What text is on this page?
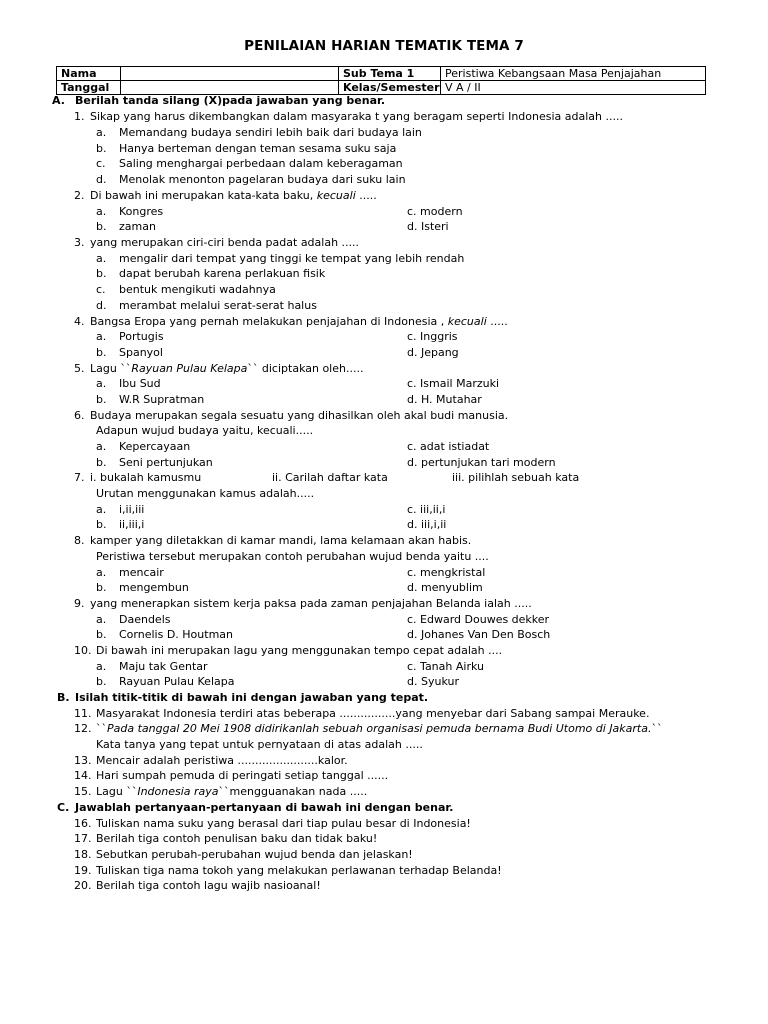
PENILAIAN HARIAN TEMATIK TEMA 7
Nama		Sub Tema 1	Peristiwa Kebangsaan Masa Penjajahan
Tanggal		Kelas/Semester	V A / II
A. Berilah tanda silang (X)pada jawaban yang benar.
1. Sikap yang harus dikembangkan dalam masyaraka t yang beragam seperti Indonesia adalah .....
a. Memandang budaya sendiri lebih baik dari budaya lain
b. Hanya berteman dengan teman sesama suku saja
c. Saling menghargai perbedaan dalam keberagaman
d. Menolak menonton pagelaran budaya dari suku lain
2. Di bawah ini merupakan kata-kata baku, kecuali .....
a. Kongres	c. modern
b. zaman	d. Isteri
3. yang merupakan ciri-ciri benda padat adalah .....
a. mengalir dari tempat yang tinggi ke tempat yang lebih rendah
b. dapat berubah karena perlakuan fisik
c. bentuk mengikuti wadahnya
d. merambat melalui serat-serat halus
4. Bangsa Eropa yang pernah melakukan penjajahan di Indonesia , kecuali .....
a. Portugis	c. Inggris
b. Spanyol	d. Jepang
5. Lagu ``Rayuan Pulau Kelapa`` diciptakan oleh.....
a. Ibu Sud	c. Ismail Marzuki
b. W.R Supratman	d. H. Mutahar
6. Budaya merupakan segala sesuatu yang dihasilkan oleh akal budi manusia.
Adapun wujud budaya yaitu, kecuali.....
a. Kepercayaan	c. adat istiadat
b. Seni pertunjukan	d. pertunjukan tari modern
7. i. bukalah kamusmu	ii. Carilah daftar kata	iii. pilihlah sebuah kata
Urutan menggunakan kamus adalah.....
a. i,ii,iii	c. iii,ii,i
b. ii,iii,i	d. iii,i,ii
8. kamper yang diletakkan di kamar mandi, lama kelamaan akan habis.
Peristiwa tersebut merupakan contoh perubahan wujud benda yaitu ....
a. mencair	c. mengkristal
b. mengembun	d. menyublim
9. yang menerapkan sistem kerja paksa pada zaman penjajahan Belanda ialah .....
a. Daendels	c. Edward Douwes dekker
b. Cornelis D. Houtman	d. Johanes Van Den Bosch
10. Di bawah ini merupakan lagu yang menggunakan tempo cepat adalah ....
a. Maju tak Gentar	c. Tanah Airku
b. Rayuan Pulau Kelapa	d. Syukur
B. Isilah titik-titik di bawah ini dengan jawaban yang tepat.
11. Masyarakat Indonesia terdiri atas beberapa ................yang menyebar dari Sabang sampai Merauke.
12. ``Pada tanggal 20 Mei 1908 didirikanlah sebuah organisasi pemuda bernama Budi Utomo di Jakarta.``
Kata tanya yang tepat untuk pernyataan di atas adalah .....
13. Mencair adalah peristiwa .......................kalor.
14. Hari sumpah pemuda di peringati setiap tanggal ......
15. Lagu ``Indonesia raya``mengguanakan nada .....
C. Jawablah pertanyaan-pertanyaan di bawah ini dengan benar.
16. Tuliskan nama suku yang berasal dari tiap pulau besar di Indonesia!
17. Berilah tiga contoh penulisan baku dan tidak baku!
18. Sebutkan perubah-perubahan wujud benda dan jelaskan!
19. Tuliskan tiga nama tokoh yang melakukan perlawanan terhadap Belanda!
20. Berilah tiga contoh lagu wajib nasioanal!
